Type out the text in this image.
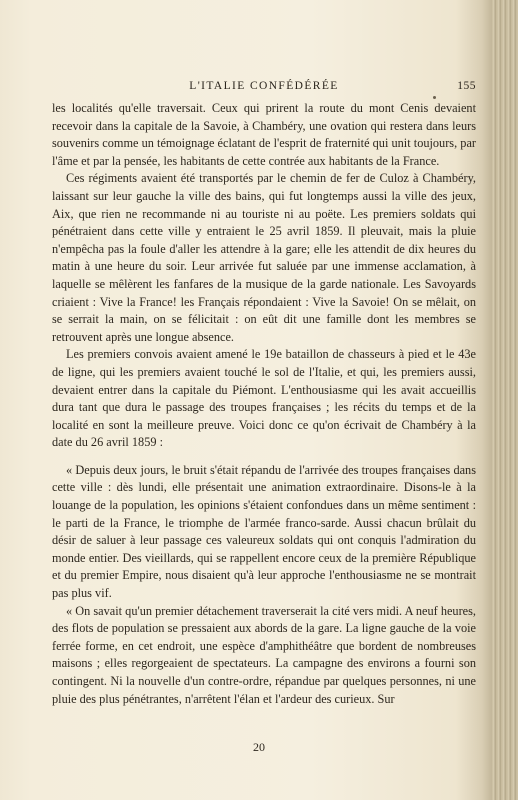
L'ITALIE CONFÉDÉRÉE	155

les localités qu'elle traversait. Ceux qui prirent la route du mont Cenis devaient recevoir dans la capitale de la Savoie, à Chambéry, une ovation qui restera dans leurs souvenirs comme un témoignage éclatant de l'esprit de fraternité qui unit toujours, par l'âme et par la pensée, les habitants de cette contrée aux habitants de la France.

Ces régiments avaient été transportés par le chemin de fer de Culoz à Chambéry, laissant sur leur gauche la ville des bains, qui fut longtemps aussi la ville des jeux, Aix, que rien ne recommande ni au touriste ni au poëte. Les premiers soldats qui pénétraient dans cette ville y entraient le 25 avril 1859. Il pleuvait, mais la pluie n'empêcha pas la foule d'aller les attendre à la gare; elle les attendit de dix heures du matin à une heure du soir. Leur arrivée fut saluée par une immense acclamation, à laquelle se mêlèrent les fanfares de la musique de la garde nationale. Les Savoyards criaient : Vive la France! les Français répondaient : Vive la Savoie! On se mêlait, on se serrait la main, on se félicitait : on eût dit une famille dont les membres se retrouvent après une longue absence.

Les premiers convois avaient amené le 19e bataillon de chasseurs à pied et le 43e de ligne, qui les premiers avaient touché le sol de l'Italie, et qui, les premiers aussi, devaient entrer dans la capitale du Piémont. L'enthousiasme qui les avait accueillis dura tant que dura le passage des troupes françaises ; les récits du temps et de la localité en sont la meilleure preuve. Voici donc ce qu'on écrivait de Chambéry à la date du 26 avril 1859 :

« Depuis deux jours, le bruit s'était répandu de l'arrivée des troupes françaises dans cette ville : dès lundi, elle présentait une animation extraordinaire. Disons-le à la louange de la population, les opinions s'étaient confondues dans un même sentiment : le parti de la France, le triomphe de l'armée franco-sarde. Aussi chacun brûlait du désir de saluer à leur passage ces valeureux soldats qui ont conquis l'admiration du monde entier. Des vieillards, qui se rappellent encore ceux de la première République et du premier Empire, nous disaient qu'à leur approche l'enthousiasme ne se montrait pas plus vif.

« On savait qu'un premier détachement traverserait la cité vers midi. A neuf heures, des flots de population se pressaient aux abords de la gare. La ligne gauche de la voie ferrée forme, en cet endroit, une espèce d'amphithéâtre que bordent de nombreuses maisons ; elles regorgeaient de spectateurs. La campagne des environs a fourni son contingent. Ni la nouvelle d'un contre-ordre, répandue par quelques personnes, ni une pluie des plus pénétrantes, n'arrêtent l'élan et l'ardeur des curieux. Sur

20
